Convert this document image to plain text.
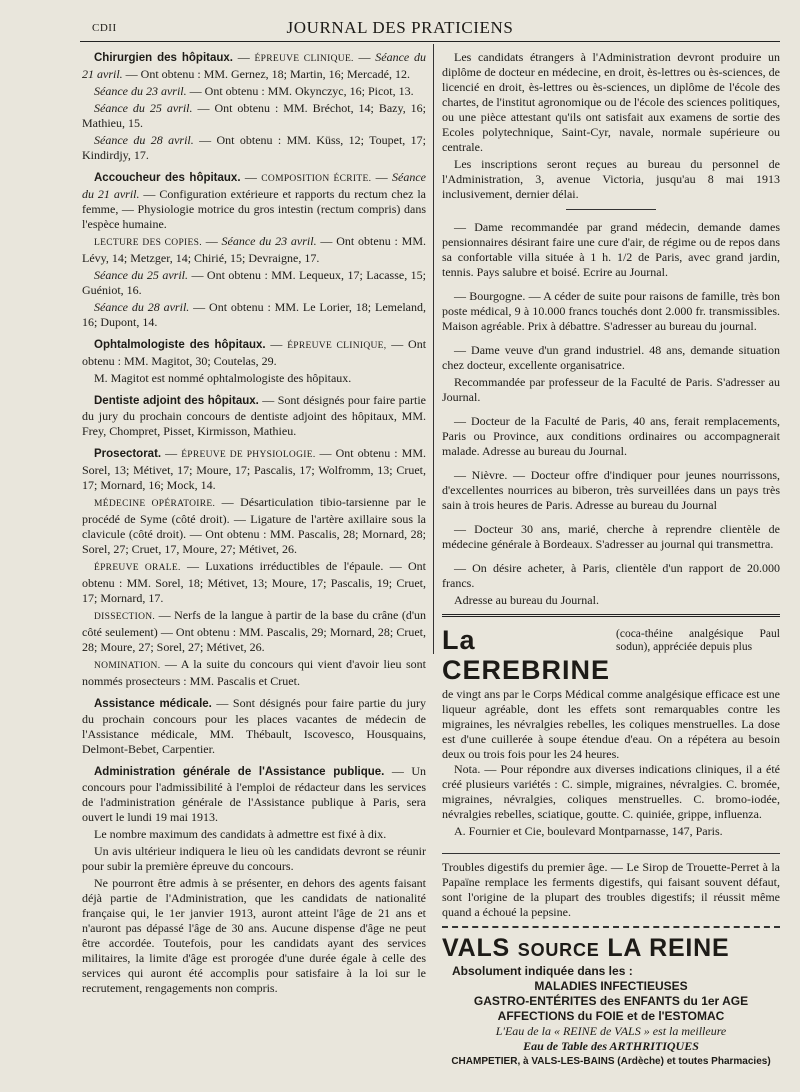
CDII	JOURNAL DES PRATICIENS

Chirurgien des hôpitaux. — ÉPREUVE CLINIQUE. — Séance du 21 avril. — Ont obtenu : MM. Gernez, 18; Martin, 16; Mercadé, 12.

Séance du 23 avril. — Ont obtenu : MM. Okynczyc, 16; Picot, 13.

Séance du 25 avril. — Ont obtenu : MM. Bréchot, 14; Bazy, 16; Mathieu, 15.

Séance du 28 avril. — Ont obtenu : MM. Küss, 12; Toupet, 17; Kindirdjy, 17.

Accoucheur des hôpitaux. — COMPOSITION ÉCRITE. — Séance du 21 avril. — Configuration extérieure et rapports du rectum chez la femme, — Physiologie motrice du gros intestin (rectum compris) dans l'espèce humaine.

LECTURE DES COPIES. — Séance du 23 avril. — Ont obtenu : MM. Lévy, 14; Metzger, 14; Chirié, 15; Devraigne, 17.

Séance du 25 avril. — Ont obtenu : MM. Lequeux, 17; Lacasse, 15; Guéniot, 16.

Séance du 28 avril. — Ont obtenu : MM. Le Lorier, 18; Lemeland, 16; Dupont, 14.

Ophtalmologiste des hôpitaux. — ÉPREUVE CLINIQUE, — Ont obtenu : MM. Magitot, 30; Coutelas, 29.

M. Magitot est nommé ophtalmologiste des hôpitaux.

Dentiste adjoint des hôpitaux. — Sont désignés pour faire partie du jury du prochain concours de dentiste adjoint des hôpitaux, MM. Frey, Chompret, Pisset, Kirmisson, Mathieu.

Prosectorat. — ÉPREUVE DE PHYSIOLOGIE. — Ont obtenu : MM. Sorel, 13; Métivet, 17; Moure, 17; Pascalis, 17; Wolfromm, 13; Cruet, 17; Mornard, 16; Mock, 14.

MÉDECINE OPÉRATOIRE. — Désarticulation tibio-tarsienne par le procédé de Syme (côté droit). — Ligature de l'artère axillaire sous la clavicule (côté droit). — Ont obtenu : MM. Pascalis, 28; Mornard, 28; Sorel, 27; Cruet, 17, Moure, 27; Métivet, 26.

ÉPREUVE ORALE. — Luxations irréductibles de l'épaule. — Ont obtenu : MM. Sorel, 18; Métivet, 13; Moure, 17; Pascalis, 19; Cruet, 17; Mornard, 17.

DISSECTION. — Nerfs de la langue à partir de la base du crâne (d'un côté seulement) — Ont obtenu : MM. Pascalis, 29; Mornard, 28; Cruet, 28; Moure, 27; Sorel, 27; Métivet, 26.

NOMINATION. — A la suite du concours qui vient d'avoir lieu sont nommés prosecteurs : MM. Pascalis et Cruet.

Assistance médicale. — Sont désignés pour faire partie du jury du prochain concours pour les places vacantes de médecin de l'Assistance médicale, MM. Thébault, Iscovesco, Housquains, Delmont-Bebet, Carpentier.

Administration générale de l'Assistance publique. — Un concours pour l'admissibilité à l'emploi de rédacteur dans les services de l'administration générale de l'Assistance publique à Paris, sera ouvert le lundi 19 mai 1913.

Le nombre maximum des candidats à admettre est fixé à dix.

Un avis ultérieur indiquera le lieu où les candidats devront se réunir pour subir la première épreuve du concours.

Ne pourront être admis à se présenter, en dehors des agents faisant déjà partie de l'Administration, que les candidats de nationalité française qui, le 1er janvier 1913, auront atteint l'âge de 21 ans et n'auront pas dépassé l'âge de 30 ans. Aucune dispense d'âge ne peut être accordée. Toutefois, pour les candidats ayant des services militaires, la limite d'âge est prorogée d'une durée égale à celle des services qui auront été accomplis pour satisfaire à la loi sur le recrutement, rengagements non compris.

Les candidats étrangers à l'Administration devront produire un diplôme de docteur en médecine, en droit, ès-lettres ou ès-sciences, de licencié en droit, ès-lettres ou ès-sciences, un diplôme de l'école des chartes, de l'institut agronomique ou de l'école des sciences politiques, ou une pièce attestant qu'ils ont satisfait aux examens de sortie des Ecoles polytechnique, Saint-Cyr, navale, normale supérieure ou centrale.

Les inscriptions seront reçues au bureau du personnel de l'Administration, 3, avenue Victoria, jusqu'au 8 mai 1913 inclusivement, dernier délai.

— Dame recommandée par grand médecin, demande dames pensionnaires désirant faire une cure d'air, de régime ou de repos dans sa confortable villa située à 1 h. 1/2 de Paris, avec grand jardin, tennis. Pays salubre et boisé. Ecrire au Journal.

— Bourgogne. — A céder de suite pour raisons de famille, très bon poste médical, 9 à 10.000 francs touchés dont 2.000 fr. transmissibles. Maison agréable. Prix à débattre. S'adresser au bureau du journal.

— Dame veuve d'un grand industriel. 48 ans, demande situation chez docteur, excellente organisatrice.

Recommandée par professeur de la Faculté de Paris. S'adresser au Journal.

— Docteur de la Faculté de Paris, 40 ans, ferait remplacements, Paris ou Province, aux conditions ordinaires ou accompagnerait malade. Adresse au bureau du Journal.

— Nièvre. — Docteur offre d'indiquer pour jeunes nourrissons, d'excellentes nourrices au biberon, très surveillées dans un pays très sain à trois heures de Paris. Adresse au bureau du Journal

— Docteur 30 ans, marié, cherche à reprendre clientèle de médecine générale à Bordeaux. S'adresser au journal qui transmettra.

— On désire acheter, à Paris, clientèle d'un rapport de 20.000 francs.

Adresse au bureau du Journal.

La CEREBRINE
(coca-théine analgésique Paul sodun), appréciée depuis plus

de vingt ans par le Corps Médical comme analgésique efficace est une liqueur agréable, dont les effets sont remarquables contre les migraines, les névralgies rebelles, les coliques menstruelles. La dose est d'une cuillerée à soupe étendue d'eau. On a répétera au besoin deux ou trois fois pour les 24 heures.

Nota. — Pour répondre aux diverses indications cliniques, il a été créé plusieurs variétés : C. simple, migraines, névralgies. C. bromée, migraines, névralgies, coliques menstruelles. C. bromo-iodée, névralgies rebelles, sciatique, goutte. C. quiniée, grippe, influenza.

A. Fournier et Cie, boulevard Montparnasse, 147, Paris.

Troubles digestifs du premier âge. — Le Sirop de Trouette-Perret à la Papaïne remplace les ferments digestifs, qui faisant souvent défaut, sont l'origine de la plupart des troubles digestifs; il réussit même quand a échoué la pepsine.

VALS SOURCE LA REINE

Absolument indiquée dans les :

MALADIES INFECTIEUSES

GASTRO-ENTÉRITES des ENFANTS du 1er AGE

AFFECTIONS du FOIE et de l'ESTOMAC

L'Eau de la « REINE de VALS » est la meilleure

Eau de Table des ARTHRITIQUES

CHAMPETIER, à VALS-LES-BAINS (Ardèche) et toutes Pharmacies)
